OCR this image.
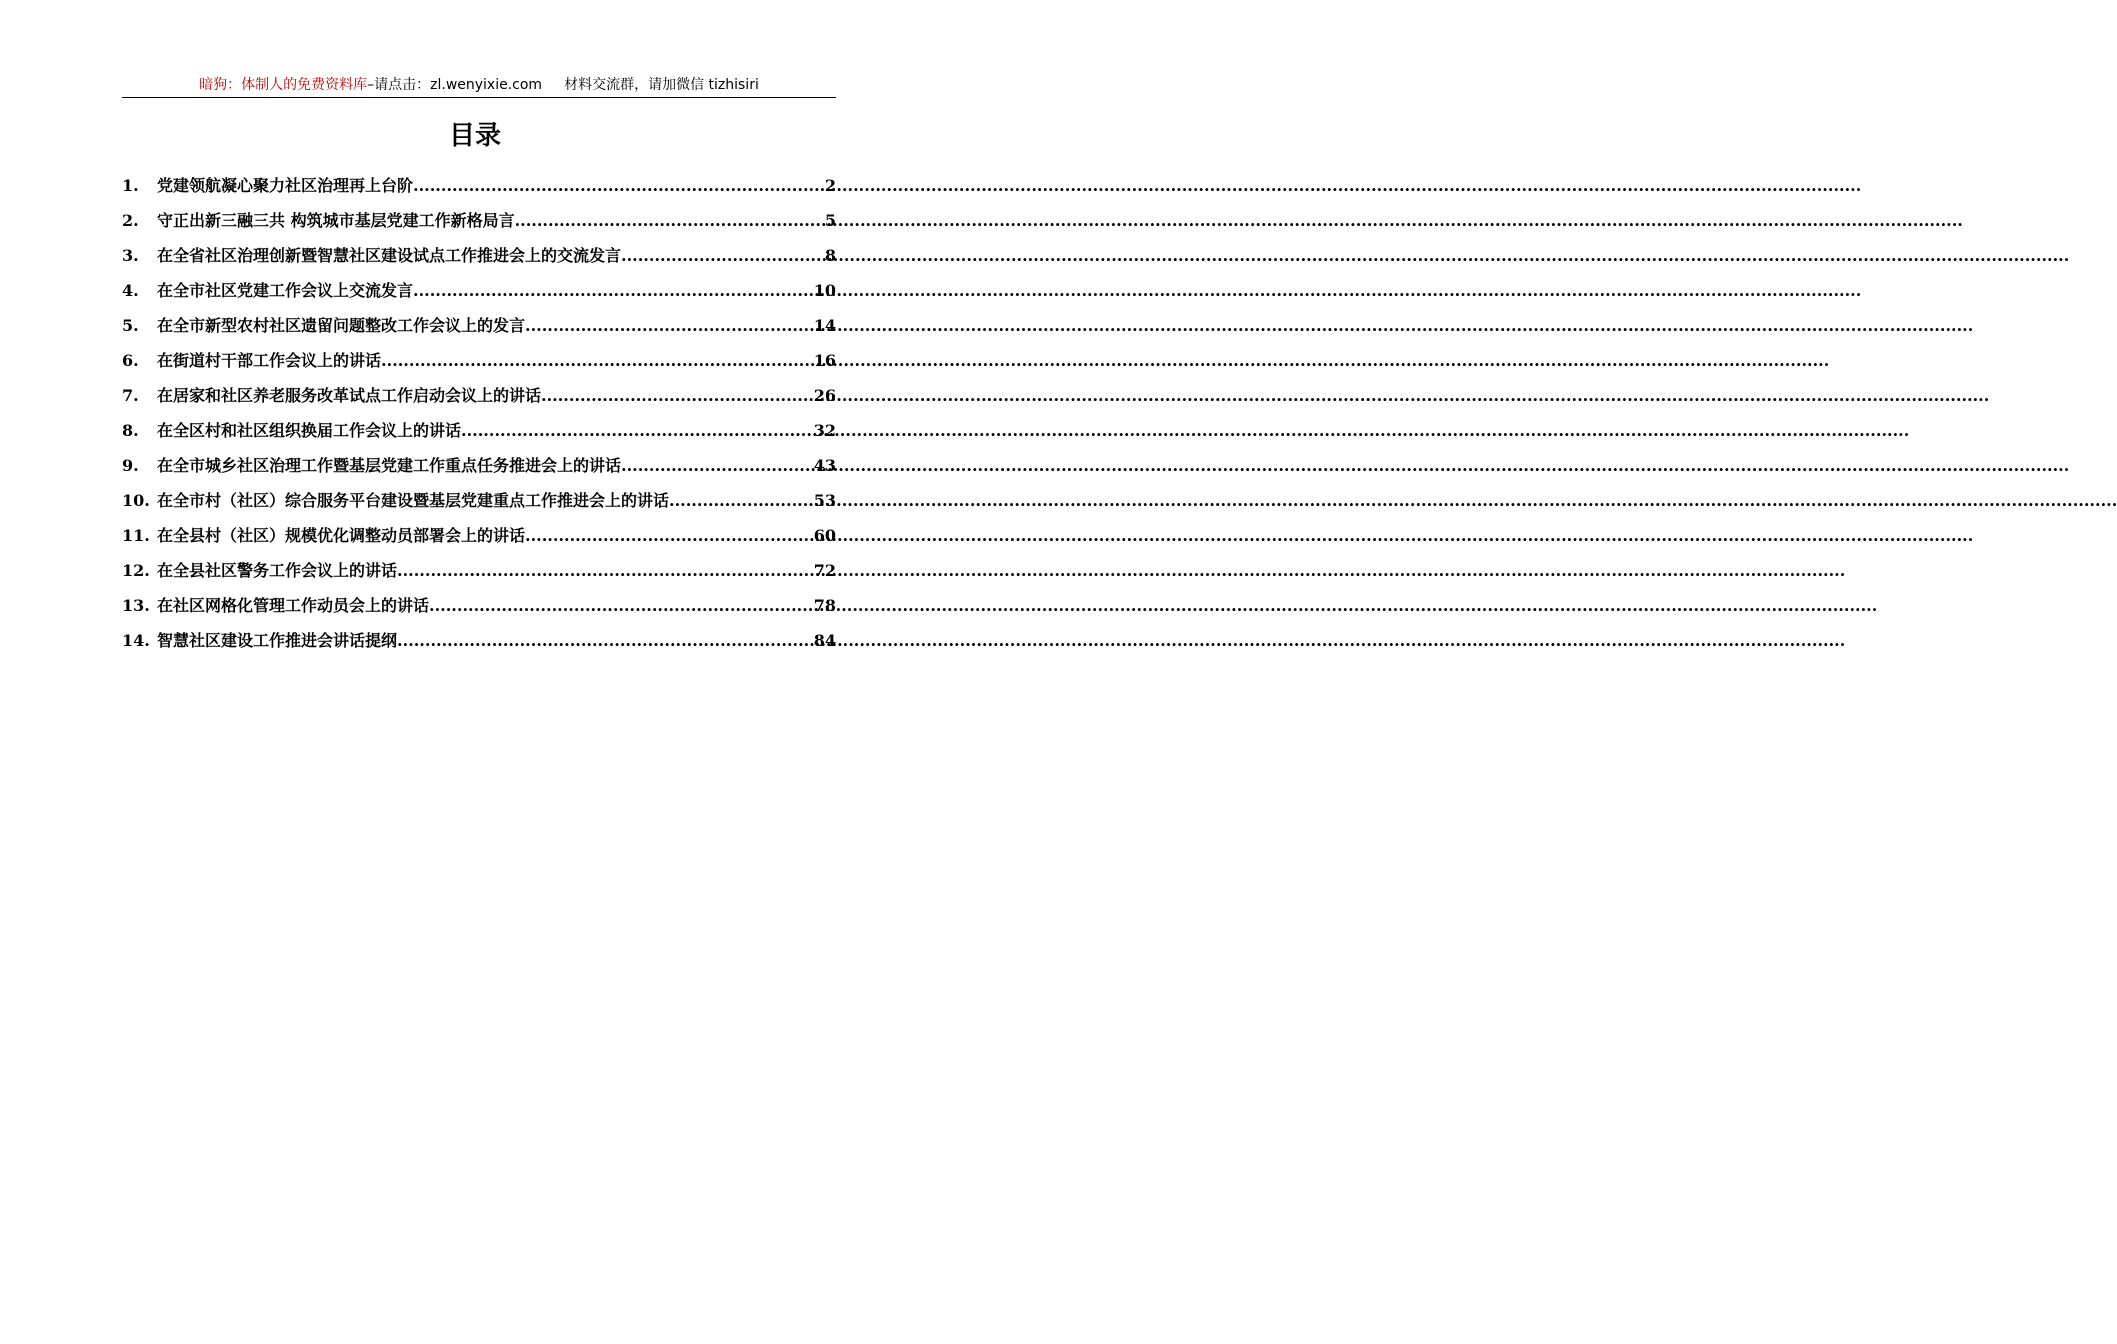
暗狗：体制人的免费资料库–请点击：zl.wenyixie.com 材料交流群，请加微信 tizhisiri
目录
1.	党建领航凝心聚力社区治理再上台阶 .....	2
2.	守正出新三融三共 构筑城市基层党建工作新格局言 .....	5
3.	在全省社区治理创新暨智慧社区建设试点工作推进会上的交流发言 .....	8
4.	在全市社区党建工作会议上交流发言 .....	10
5.	在全市新型农村社区遗留问题整改工作会议上的发言 .....	14
6.	在街道村干部工作会议上的讲话 .....	16
7.	在居家和社区养老服务改革试点工作启动会议上的讲话 .....	26
8.	在全区村和社区组织换届工作会议上的讲话 .....	32
9.	在全市城乡社区治理工作暨基层党建工作重点任务推进会上的讲话 .....	43
10. 在全市村（社区）综合服务平台建设暨基层党建重点工作推进会上的讲话 .....	53
11. 在全县村（社区）规模优化调整动员部署会上的讲话 .....	60
12. 在全县社区警务工作会议上的讲话 .....	72
13. 在社区网格化管理工作动员会上的讲话 .....	78
14. 智慧社区建设工作推进会讲话提纲 .....	84
